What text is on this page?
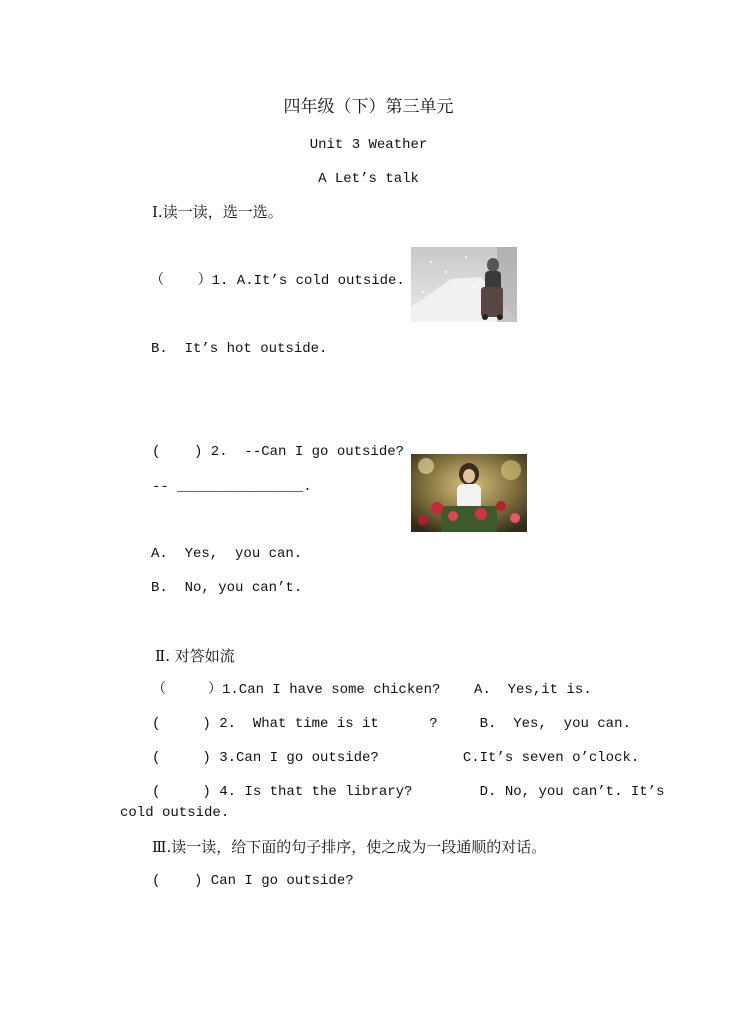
四年级（下）第三单元
Unit 3 Weather
A Let’s talk
Ⅰ.读一读，选一选。
（    ）1. A.It’s cold outside.
B.  It’s hot outside.
(    ) 2.  --Can I go outside?
-- _______________.
A.  Yes,  you can.
B.  No, you can’t.
Ⅱ. 对答如流
（     ）1.Can I have some chicken?    A.  Yes,it is.
(     ) 2.  What time is it      ?     B.  Yes,  you can.
(     ) 3.Can I go outside?          C.It’s seven o’clock.
(     ) 4. Is that the library?        D. No, you can’t. It’s
cold outside.
Ⅲ.读一读，给下面的句子排序，使之成为一段通顺的对话。
(    ) Can I go outside?
